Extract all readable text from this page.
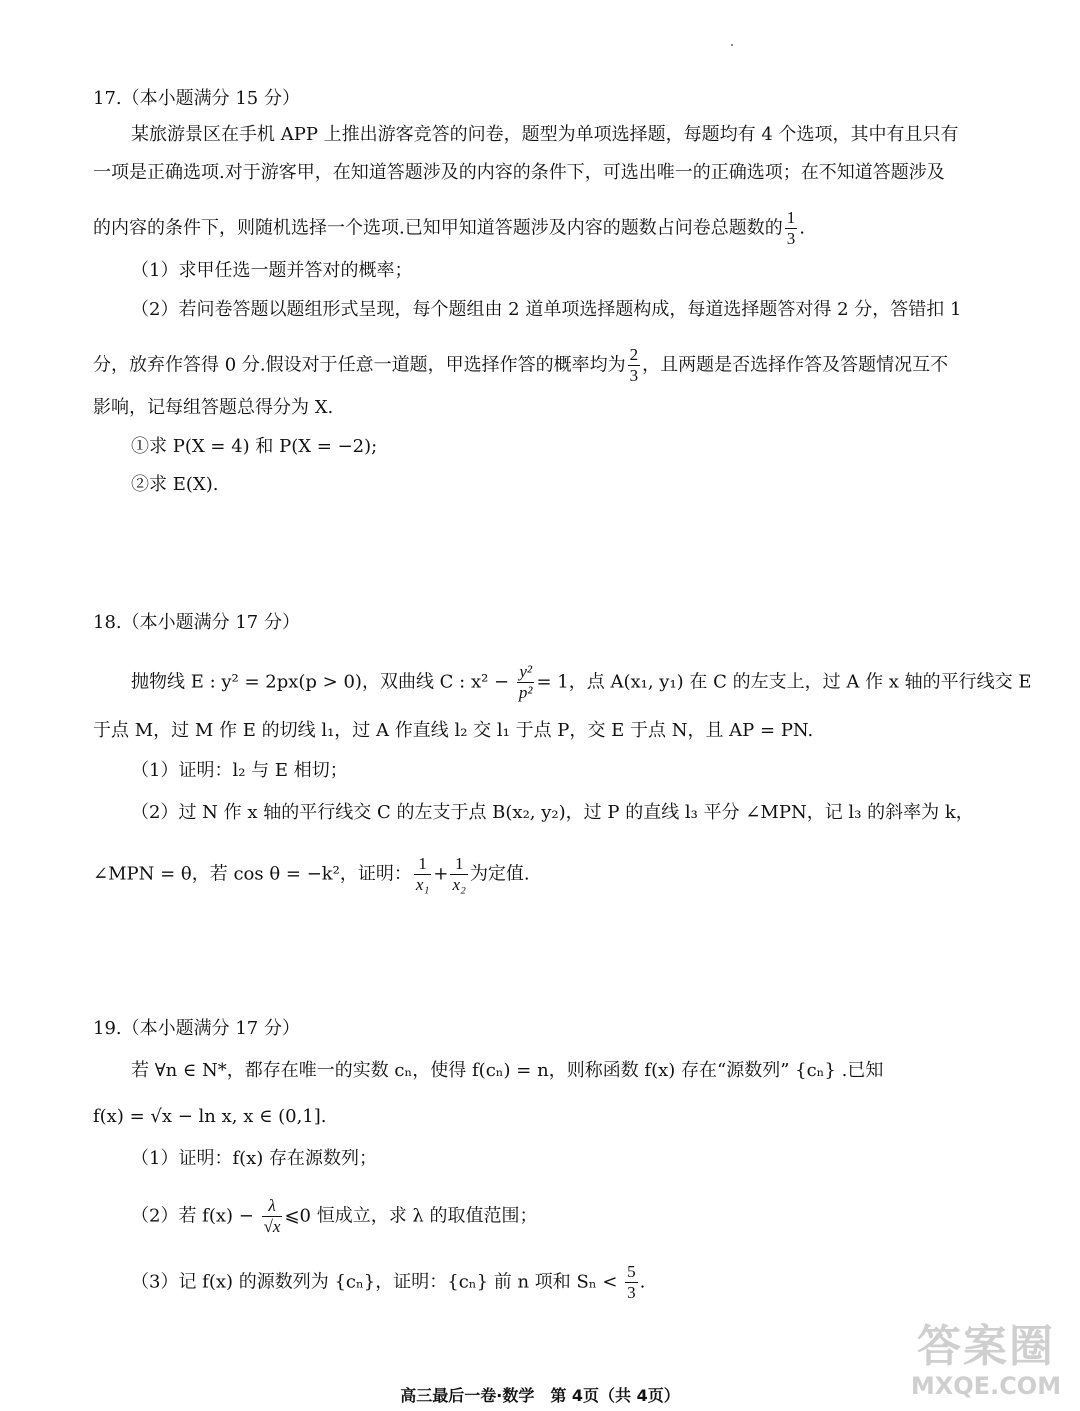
17.（本小题满分 15 分）
某旅游景区在手机 APP 上推出游客竞答的问卷，题型为单项选择题，每题均有 4 个选项，其中有且只有
一项是正确选项.对于游客甲，在知道答题涉及的内容的条件下，可选出唯一的正确选项；在不知道答题涉及
的内容的条件下，则随机选择一个选项.已知甲知道答题涉及内容的题数占问卷总题数的 $\frac{1}{3}$ .
（1）求甲任选一题并答对的概率；
（2）若问卷答题以题组形式呈现，每个题组由 2 道单项选择题构成，每道选择题答对得 2 分，答错扣 1
分，放弃作答得 0 分.假设对于任意一道题，甲选择作答的概率均为 $\frac{2}{3}$ ，且两题是否选择作答及答题情况互不
影响，记每组答题总得分为 X.
①求 P(X = 4) 和 P(X = −2);
②求 E(X).
18.（本小题满分 17 分）
抛物线 E : y² = 2px(p > 0)，双曲线 C : $x^2 - \frac{\text{y²}}{\text{p²}} = 1$，点 A(x₁, y₁) 在 C 的左支上，过 A 作 x 轴的平行线交 E
于点 M，过 M 作 E 的切线 l₁，过 A 作直线 l₂ 交 l₁ 于点 P，交 E 于点 N，且 AP = PN.
（1）证明：l₂ 与 E 相切；
（2）过 N 作 x 轴的平行线交 C 的左支于点 B(x₂, y₂)，过 P 的直线 l₃ 平分 ∠MPN，记 l₃ 的斜率为 k，
∠MPN = θ，若 cos θ = −k²，证明： $\frac{1}{\text{x₁}} + \frac{1}{\text{x₂}}$ 为定值.
19.（本小题满分 17 分）
若 ∀n ∈ N*，都存在唯一的实数 cₙ，使得 f(cₙ) = n，则称函数 f(x) 存在“源数列” {cₙ} .已知
f(x) = √x − ln x, x ∈ (0,1].
（1）证明：f(x) 存在源数列；
（2）若 $f(x) - \frac{\lambda}{√x}$ ⩽0 恒成立，求 λ 的取值范围；
（3）记 f(x) 的源数列为 {cₙ}，证明：{cₙ} 前 n 项和 $S_n < \frac{5}{3}$ .
答案圈
MXQE.COM
高三最后一卷·数学　第 4页（共 4页）
